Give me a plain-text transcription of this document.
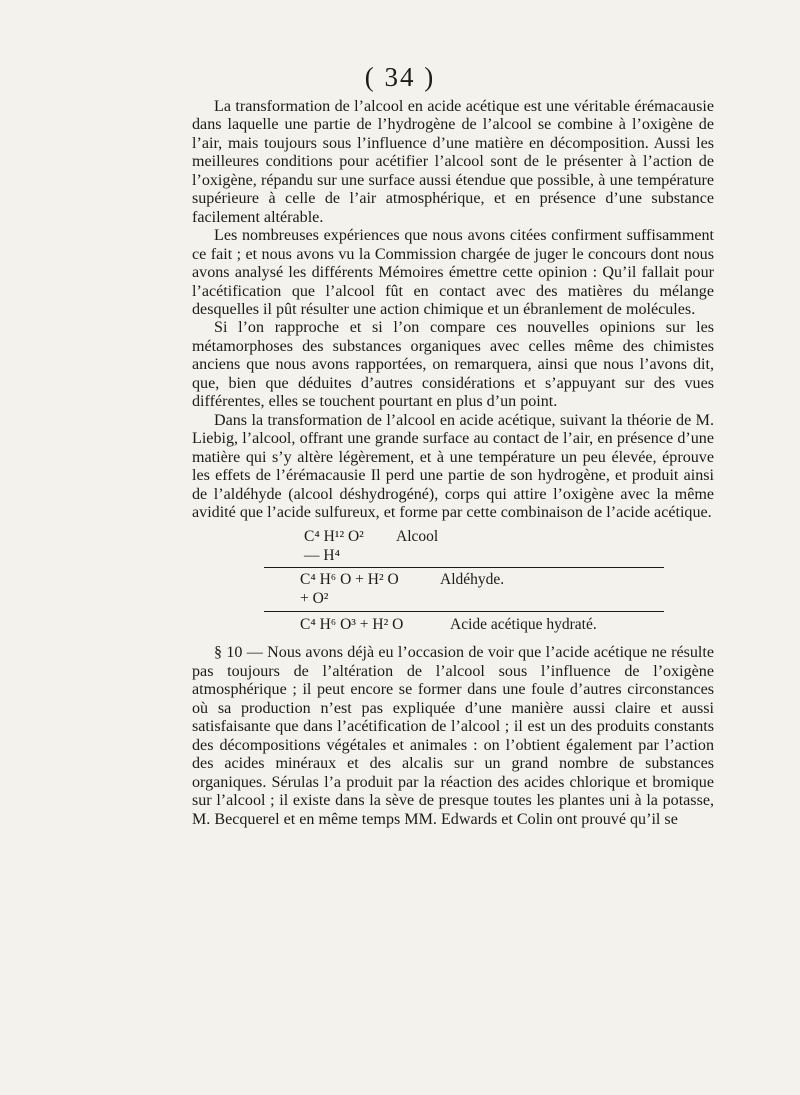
( 34 )

La transformation de l’alcool en acide acétique est une véritable érémacausie dans laquelle une partie de l’hydrogène de l’alcool se combine à l’oxigène de l’air, mais toujours sous l’influence d’une matière en décomposition. Aussi les meilleures conditions pour acétifier l’alcool sont de le présenter à l’action de l’oxigène, répandu sur une surface aussi étendue que possible, à une température supérieure à celle de l’air atmosphérique, et en présence d’une substance facilement altérable.

Les nombreuses expériences que nous avons citées confirment suffisamment ce fait ; et nous avons vu la Commission chargée de juger le concours dont nous avons analysé les différents Mémoires émettre cette opinion : Qu’il fallait pour l’acétification que l’alcool fût en contact avec des matières du mélange desquelles il pût résulter une action chimique et un ébranlement de molécules.

Si l’on rapproche et si l’on compare ces nouvelles opinions sur les métamorphoses des substances organiques avec celles même des chimistes anciens que nous avons rapportées, on remarquera, ainsi que nous l’avons dit, que, bien que déduites d’autres considérations et s’appuyant sur des vues différentes, elles se touchent pourtant en plus d’un point.

Dans la transformation de l’alcool en acide acétique, suivant la théorie de M. Liebig, l’alcool, offrant une grande surface au contact de l’air, en présence d’une matière qui s’y altère légèrement, et à une température un peu élevée, éprouve les effets de l’érémacausie Il perd une partie de son hydrogène, et produit ainsi de l’aldéhyde (alcool déshydrogéné), corps qui attire l’oxigène avec la même avidité que l’acide sulfureux, et forme par cette combinaison de l’acide acétique.

C⁴ H¹² O² Alcool
— H⁴
C⁴ H⁶ O + H² O	Aldéhyde.
+ O²
C⁴ H⁶ O³ + H² O	Acide acétique hydraté.

§ 10 — Nous avons déjà eu l’occasion de voir que l’acide acétique ne résulte pas toujours de l’altération de l’alcool sous l’influence de l’oxigène atmosphérique ; il peut encore se former dans une foule d’autres circonstances où sa production n’est pas expliquée d’une manière aussi claire et aussi satisfaisante que dans l’acétification de l’alcool ; il est un des produits constants des décompositions végétales et animales : on l’obtient également par l’action des acides minéraux et des alcalis sur un grand nombre de substances organiques. Sérulas l’a produit par la réaction des acides chlorique et bromique sur l’alcool ; il existe dans la sève de presque toutes les plantes uni à la potasse, M. Becquerel et en même temps MM. Edwards et Colin ont prouvé qu’il se
